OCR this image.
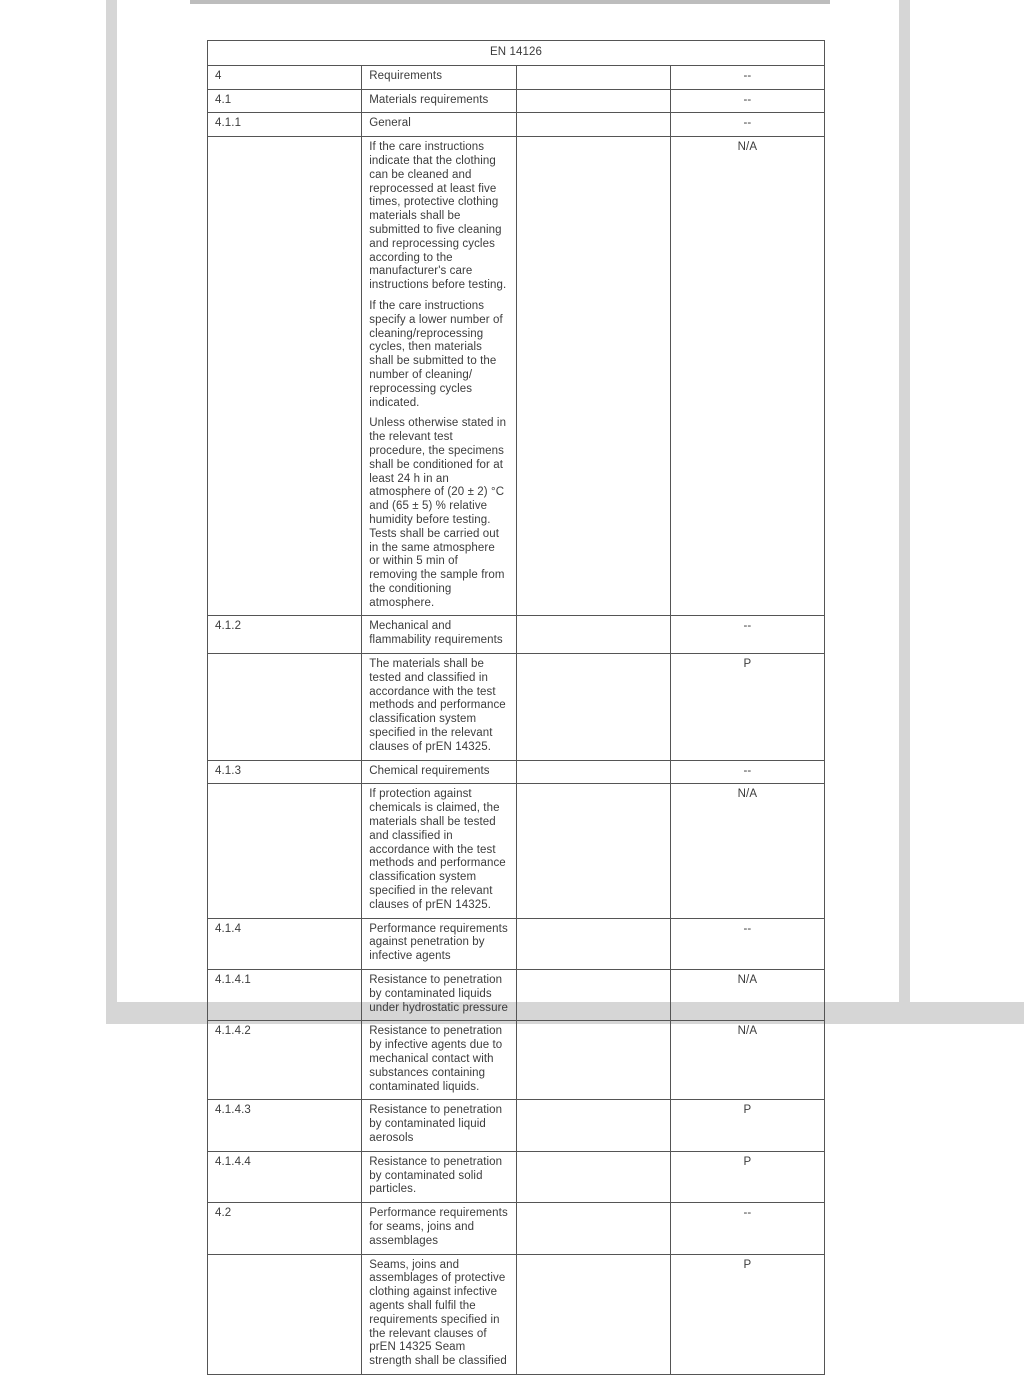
EN 14126			
4	Requirements		--
4.1	Materials requirements		--
4.1.1	General		--

	If the care instructions indicate that the clothing can be cleaned and reprocessed at least five times, protective clothing materials shall be submitted to five cleaning and reprocessing cycles according to the manufacturer's care instructions before testing.
If the care instructions specify a lower number of cleaning/reprocessing cycles, then materials shall be submitted to the number of cleaning/ reprocessing cycles indicated.
Unless otherwise stated in the relevant test procedure, the specimens shall be conditioned for at least 24 h in an atmosphere of (20 ± 2) °C and (65 ± 5) % relative humidity before testing. Tests shall be carried out in the same atmosphere or within 5 min of removing the sample from the conditioning atmosphere.		N/A
4.1.2	Mechanical and flammability requirements		--

	The materials shall be tested and classified in accordance with the test methods and performance classification system specified in the relevant clauses of prEN 14325.		P
4.1.3	Chemical requirements		--

	If protection against chemicals is claimed, the materials shall be tested and classified in accordance with the test methods and performance classification system specified in the relevant clauses of prEN 14325.		N/A
4.1.4	Performance requirements against penetration by infective agents		--
4.1.4.1	Resistance to penetration by contaminated liquids under hydrostatic pressure		N/A
4.1.4.2	Resistance to penetration by infective agents due to mechanical contact with substances containing contaminated liquids.		N/A
4.1.4.3	Resistance to penetration by contaminated liquid aerosols		P
4.1.4.4	Resistance to penetration by contaminated solid particles.		P
4.2	Performance requirements for seams, joins and assemblages		--

	Seams, joins and assemblages of protective clothing against infective agents shall fulfil the requirements specified in the relevant clauses of prEN 14325 Seam strength shall be classified		P
